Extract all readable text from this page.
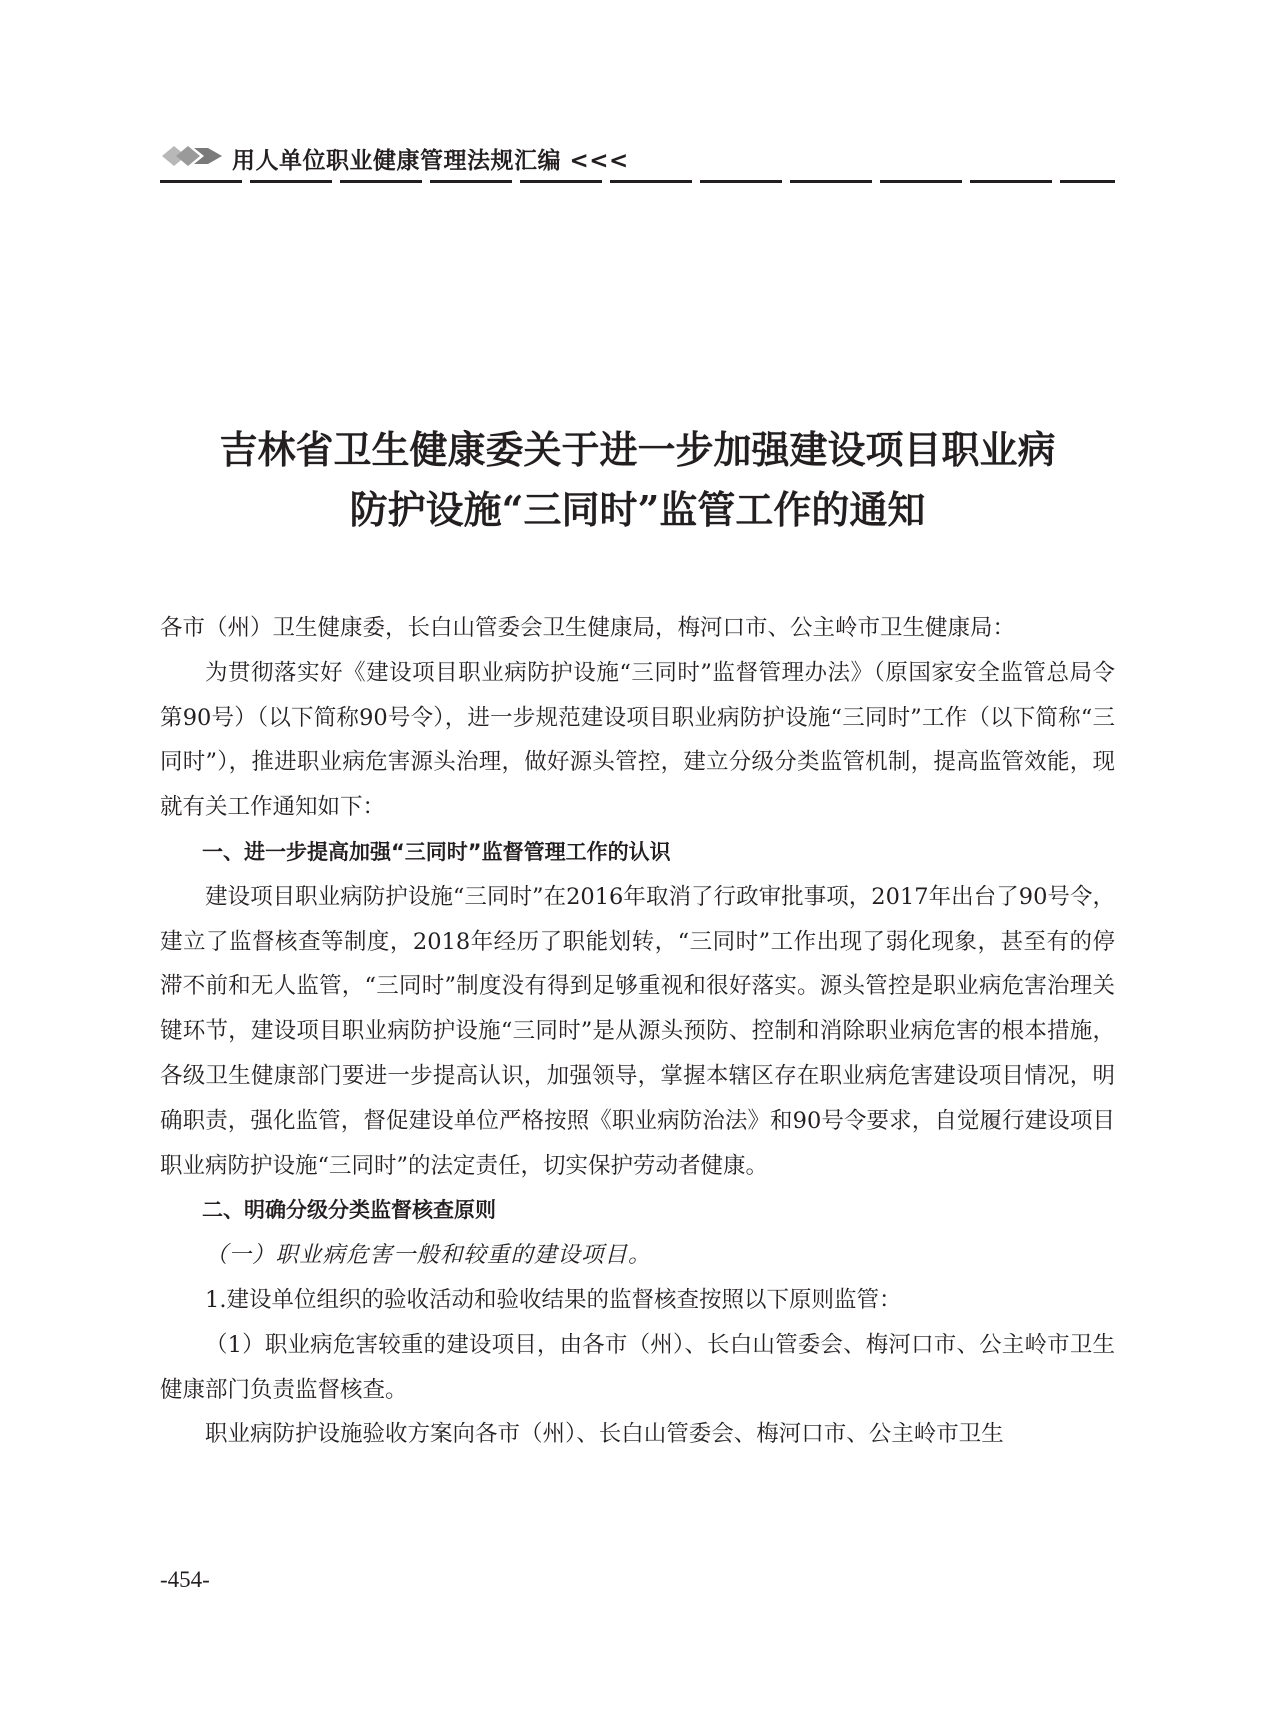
用人单位职业健康管理法规汇编 <<<
吉林省卫生健康委关于进一步加强建设项目职业病
防护设施“三同时”监管工作的通知

各市（州）卫生健康委，长白山管委会卫生健康局，梅河口市、公主岭市卫生健康局：

为贯彻落实好《建设项目职业病防护设施“三同时”监督管理办法》（原国家安全监管总局令第90号）（以下简称90号令），进一步规范建设项目职业病防护设施“三同时”工作（以下简称“三同时”），推进职业病危害源头治理，做好源头管控，建立分级分类监管机制，提高监管效能，现就有关工作通知如下：

一、进一步提高加强“三同时”监督管理工作的认识

建设项目职业病防护设施“三同时”在2016年取消了行政审批事项，2017年出台了90号令，建立了监督核查等制度，2018年经历了职能划转，“三同时”工作出现了弱化现象，甚至有的停滞不前和无人监管，“三同时”制度没有得到足够重视和很好落实。源头管控是职业病危害治理关键环节，建设项目职业病防护设施“三同时”是从源头预防、控制和消除职业病危害的根本措施，各级卫生健康部门要进一步提高认识，加强领导，掌握本辖区存在职业病危害建设项目情况，明确职责，强化监管，督促建设单位严格按照《职业病防治法》和90号令要求，自觉履行建设项目职业病防护设施“三同时”的法定责任，切实保护劳动者健康。

二、明确分级分类监督核查原则

（一）职业病危害一般和较重的建设项目。

1.建设单位组织的验收活动和验收结果的监督核查按照以下原则监管：

（1）职业病危害较重的建设项目，由各市（州）、长白山管委会、梅河口市、公主岭市卫生健康部门负责监督核查。

职业病防护设施验收方案向各市（州）、长白山管委会、梅河口市、公主岭市卫生

-454-
